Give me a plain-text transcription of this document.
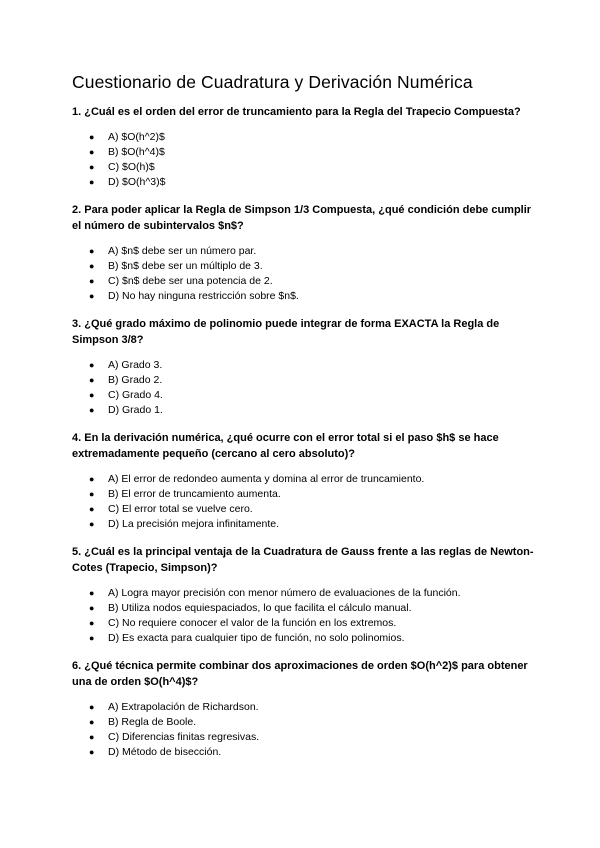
Cuestionario de Cuadratura y Derivación Numérica

1. ¿Cuál es el orden del error de truncamiento para la Regla del Trapecio Compuesta?

● A) $O(h^2)$
● B) $O(h^4)$
● C) $O(h)$
● D) $O(h^3)$

2. Para poder aplicar la Regla de Simpson 1/3 Compuesta, ¿qué condición debe cumplir el número de subintervalos $n$?

● A) $n$ debe ser un número par.
● B) $n$ debe ser un múltiplo de 3.
● C) $n$ debe ser una potencia de 2.
● D) No hay ninguna restricción sobre $n$.

3. ¿Qué grado máximo de polinomio puede integrar de forma EXACTA la Regla de Simpson 3/8?

● A) Grado 3.
● B) Grado 2.
● C) Grado 4.
● D) Grado 1.

4. En la derivación numérica, ¿qué ocurre con el error total si el paso $h$ se hace extremadamente pequeño (cercano al cero absoluto)?

● A) El error de redondeo aumenta y domina al error de truncamiento.
● B) El error de truncamiento aumenta.
● C) El error total se vuelve cero.
● D) La precisión mejora infinitamente.

5. ¿Cuál es la principal ventaja de la Cuadratura de Gauss frente a las reglas de Newton-Cotes (Trapecio, Simpson)?

● A) Logra mayor precisión con menor número de evaluaciones de la función.
● B) Utiliza nodos equiespaciados, lo que facilita el cálculo manual.
● C) No requiere conocer el valor de la función en los extremos.
● D) Es exacta para cualquier tipo de función, no solo polinomios.

6. ¿Qué técnica permite combinar dos aproximaciones de orden $O(h^2)$ para obtener una de orden $O(h^4)$?

● A) Extrapolación de Richardson.
● B) Regla de Boole.
● C) Diferencias finitas regresivas.
● D) Método de bisección.
